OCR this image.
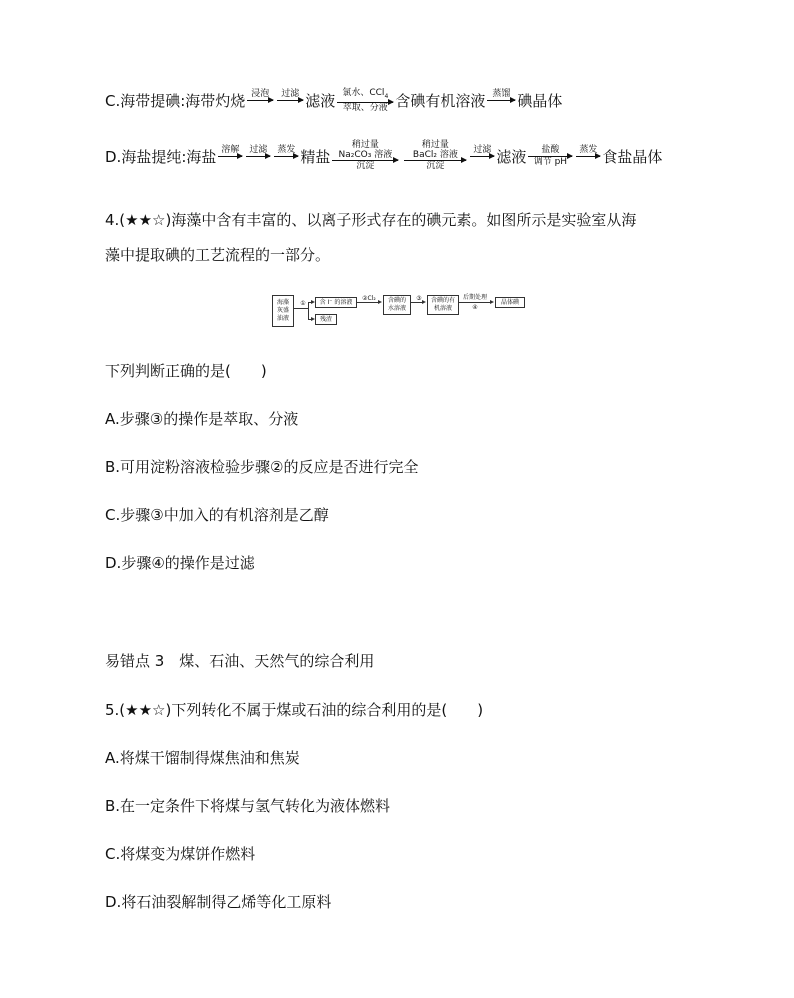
C.海带提碘:海带灼烧 浸泡 过滤 滤液 氯水、CCl$_4$
萃取、分液 含碘有机溶液 蒸馏 碘晶体
D.海盐提纯:海盐 溶解 过滤 蒸发 精盐
稍过量
Na₂CO₃ 溶液
沉淀
稍过量
BaCl₂ 溶液
沉淀
过滤 滤液 盐酸
调节 pH
蒸发 食盐晶体
4.(★★☆)海藻中含有丰富的、以离子形式存在的碘元素。如图所示是实验室从海
藻中提取碘的工艺流程的一部分。
海藻
灰盛
油液
①	含 I⁻ 的溶液
残渣
②Cl₂	含碘的
水溶液
③	含碘的有
机溶液
后期处理
④
晶体碘
下列判断正确的是(　　)
A.步骤③的操作是萃取、分液
B.可用淀粉溶液检验步骤②的反应是否进行完全
C.步骤③中加入的有机溶剂是乙醇
D.步骤④的操作是过滤
易错点 3　煤、石油、天然气的综合利用
5.(★★☆)下列转化不属于煤或石油的综合利用的是(　　)
A.将煤干馏制得煤焦油和焦炭
B.在一定条件下将煤与氢气转化为液体燃料
C.将煤变为煤饼作燃料
D.将石油裂解制得乙烯等化工原料
